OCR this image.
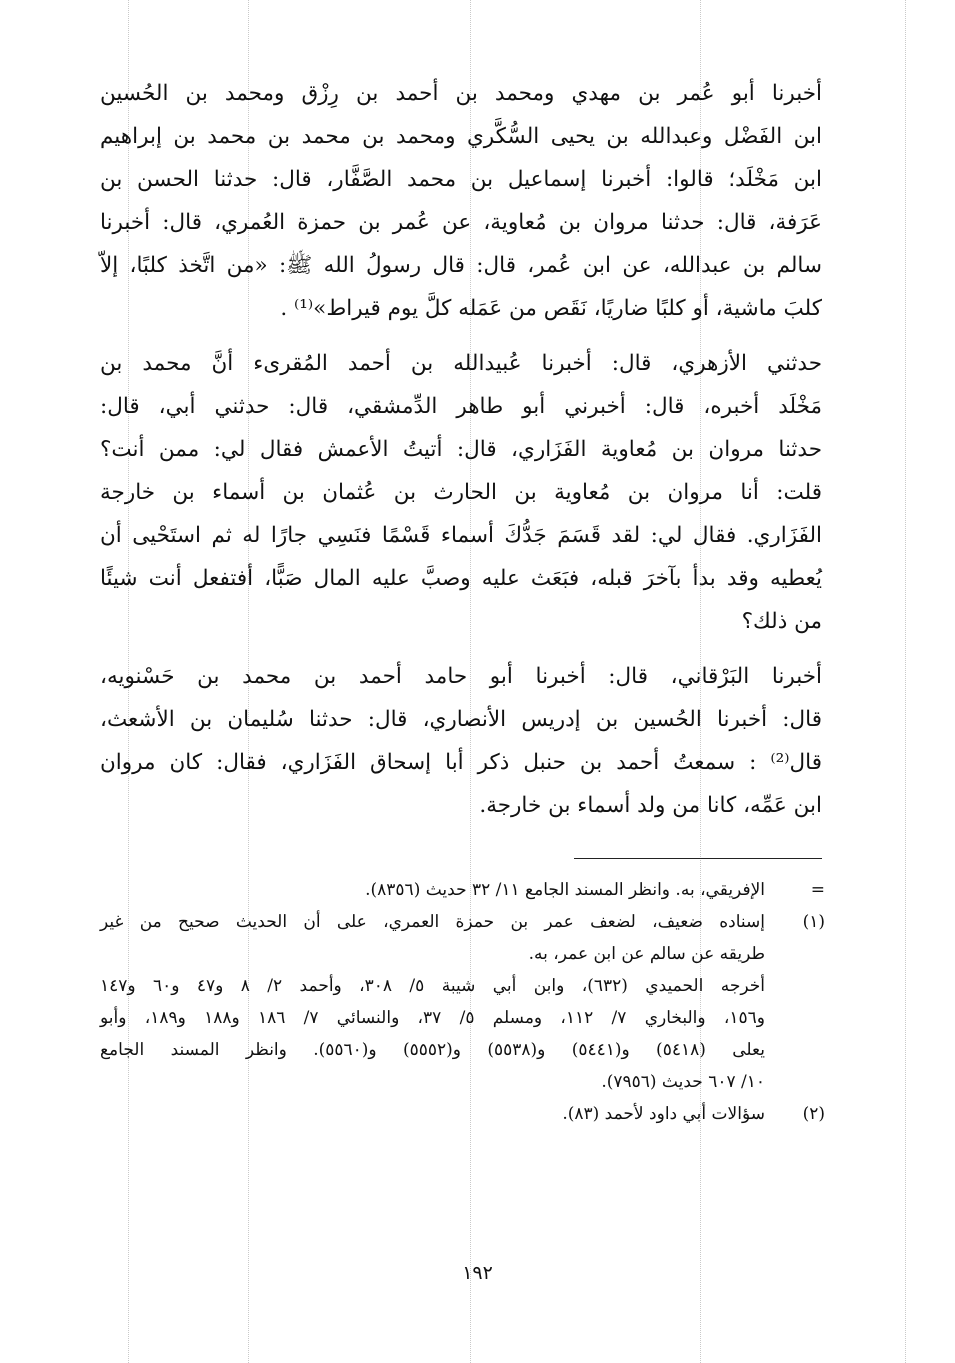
أخبرنا أبو عُمر بن مهدي ومحمد بن أحمد بن رِزْق ومحمد بن الحُسين
ابن الفَضْل وعبدالله بن يحيى السُّكَّري ومحمد بن محمد بن محمد بن إبراهيم
ابن مَخْلَد؛ قالوا: أخبرنا إسماعيل بن محمد الصَّفَّار، قال: حدثنا الحسن بن
عَرَفة، قال: حدثنا مروان بن مُعاوية، عن عُمر بن حمزة العُمري، قال: أخبرنا
سالم بن عبدالله، عن ابن عُمر، قال: قال رسولُ الله ﷺ: «من اتَّخذ كلبًا، إلاّ
كلبَ ماشية، أو كلبًا ضاريًا، نَقَص من عَمَله كلَّ يوم قيراط»⁽¹⁾ .

حدثني الأزهري، قال: أخبرنا عُبيدالله بن أحمد المُقرىء أنَّ محمد بن
مَخْلَد أخبره، قال: أخبرني أبو طاهر الدِّمشقي، قال: حدثني أبي، قال:
حدثنا مروان بن مُعاوية الفَزَاري، قال: أتيتُ الأعمش فقال لي: ممن أنت؟
قلت: أنا مروان بن مُعاوية بن الحارث بن عُثمان بن أسماء بن خارجة
الفَزَاري. فقال لي: لقد قَسَمَ جَدُّكَ أسماء قَسْمًا فنَسِي جارًا له ثم استَحْيى أن
يُعطيه وقد بدأ بآخرَ قبله، فبَعَث عليه وصبَّ عليه المال صَبًّا، أفتفعل أنت شيئًا
من ذلك؟

أخبرنا البَرْقاني، قال: أخبرنا أبو حامد أحمد بن محمد بن حَسْنويه،
قال: أخبرنا الحُسين بن إدريس الأنصاري، قال: حدثنا سُليمان بن الأشعث،
قال⁽²⁾ : سمعتُ أحمد بن حنبل ذكر أبا إسحاق الفَزَاري، فقال: كان مروان
ابن عَمِّه، كانا من ولد أسماء بن خارجة.

=
الإفريقي، به. وانظر المسند الجامع ١١/ ٣٢ حديث (٨٣٥٦).
(١)
إسناده ضعيف، لضعف عمر بن حمزة العمري، على أن الحديث صحيح من غير
طريقه عن سالم عن ابن عمر، به.
أخرجه الحميدي (٦٣٢)، وابن أبي شيبة ٥/ ٣٠٨، وأحمد ٢/ ٨ و٤٧ و٦٠ و١٤٧
و١٥٦، والبخاري ٧/ ١١٢، ومسلم ٥/ ٣٧، والنسائي ٧/ ١٨٦ و١٨٨ و١٨٩، وأبو
يعلى (٥٤١٨) و(٥٤٤١) و(٥٥٣٨) و(٥٥٥٢) و(٥٥٦٠). وانظر المسند الجامع
١٠/ ٦٠٧ حديث (٧٩٥٦).
(٢)
سؤالات أبي داود لأحمد (٨٣).
١٩٢
